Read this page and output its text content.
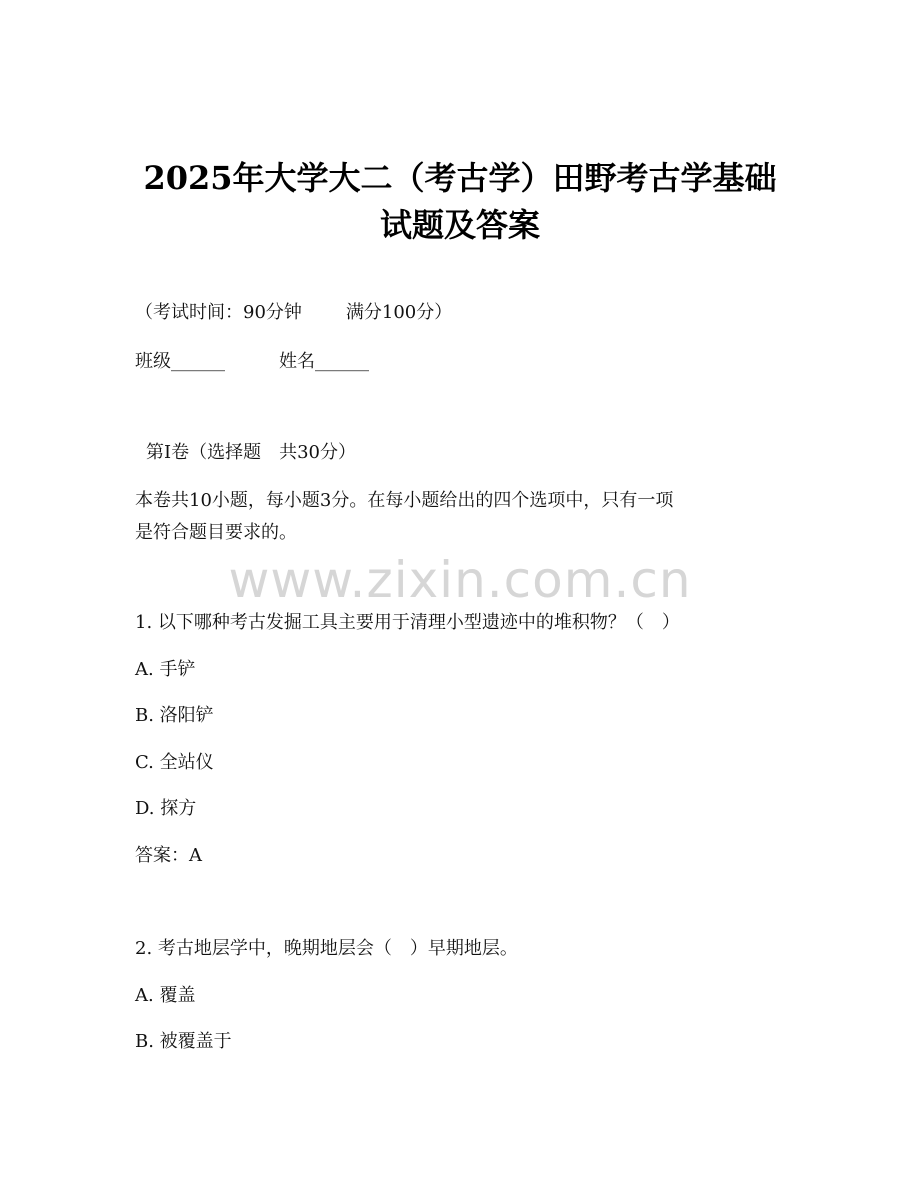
2025年大学大二（考古学）田野考古学基础
试题及答案

（考试时间：90分钟 满分100分）

班级______	姓名______

第Ⅰ卷（选择题　共30分）

本卷共10小题，每小题3分。在每小题给出的四个选项中，只有一项

是符合题目要求的。

www.zixin.com.cn

1. 以下哪种考古发掘工具主要用于清理小型遗迹中的堆积物？（　）

A. 手铲

B. 洛阳铲

C. 全站仪

D. 探方

答案：A

2. 考古地层学中，晚期地层会（　）早期地层。

A. 覆盖

B. 被覆盖于
